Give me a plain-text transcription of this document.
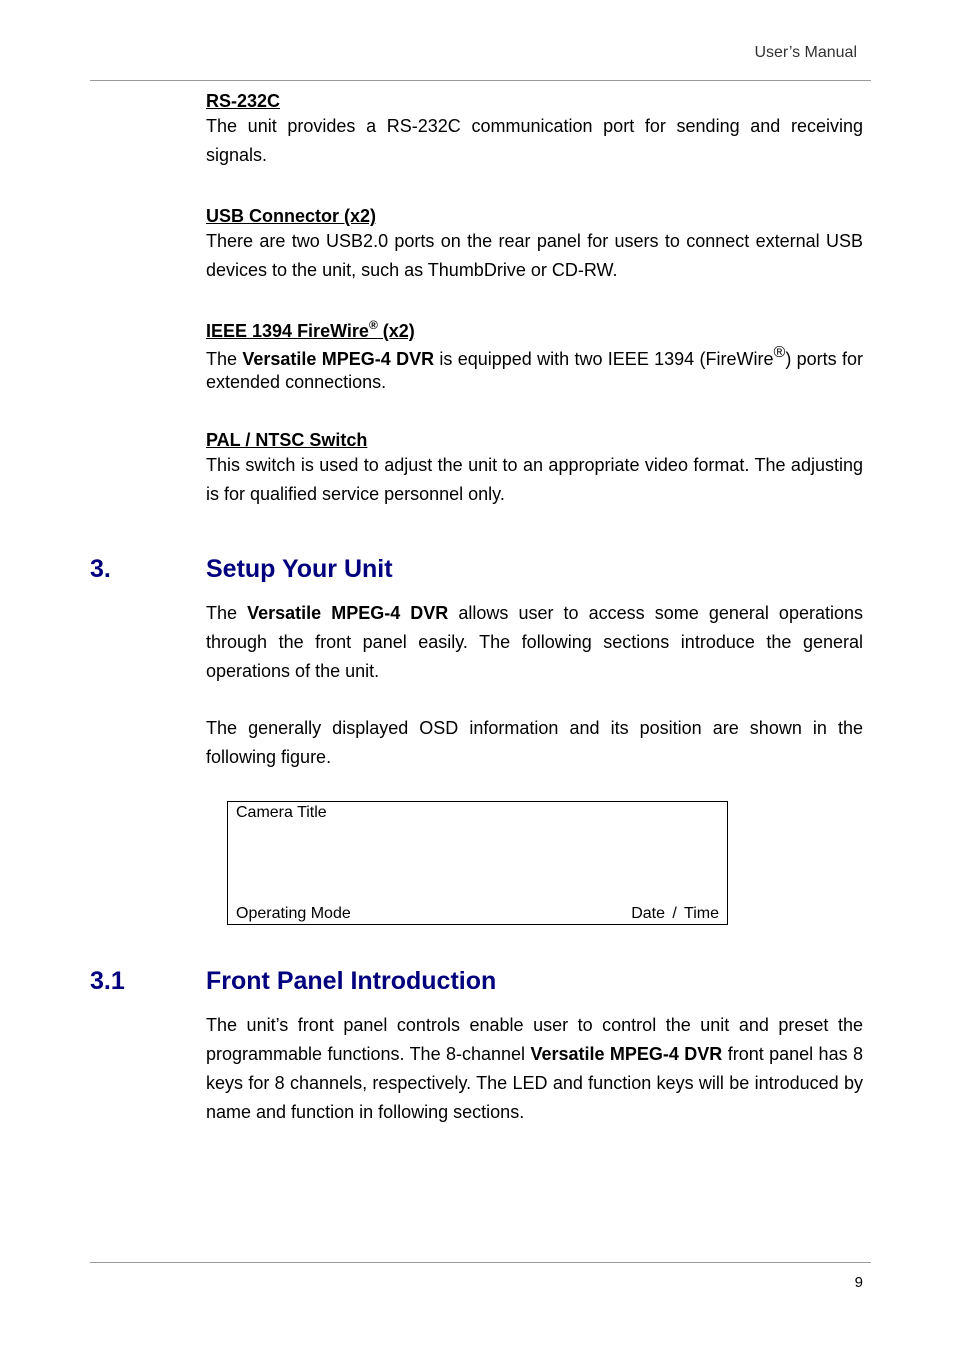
User’s Manual

RS-232C

The unit provides a RS-232C communication port for sending and receiving signals.

USB Connector (x2)

There are two USB2.0 ports on the rear panel for users to connect external USB devices to the unit, such as ThumbDrive or CD-RW.

IEEE 1394 FireWire® (x2)

The Versatile MPEG-4 DVR is equipped with two IEEE 1394 (FireWire®) ports for extended connections.

PAL / NTSC Switch

This switch is used to adjust the unit to an appropriate video format. The adjusting is for qualified service personnel only.

3.	Setup Your Unit

The Versatile MPEG-4 DVR allows user to access some general operations through the front panel easily. The following sections introduce the general operations of the unit.

The generally displayed OSD information and its position are shown in the following figure.

Camera Title
Operating Mode	Date / Time
3.1	Front Panel Introduction

The unit’s front panel controls enable user to control the unit and preset the programmable functions. The 8-channel Versatile MPEG-4 DVR front panel has 8 keys for 8 channels, respectively. The LED and function keys will be introduced by name and function in following sections.

9
